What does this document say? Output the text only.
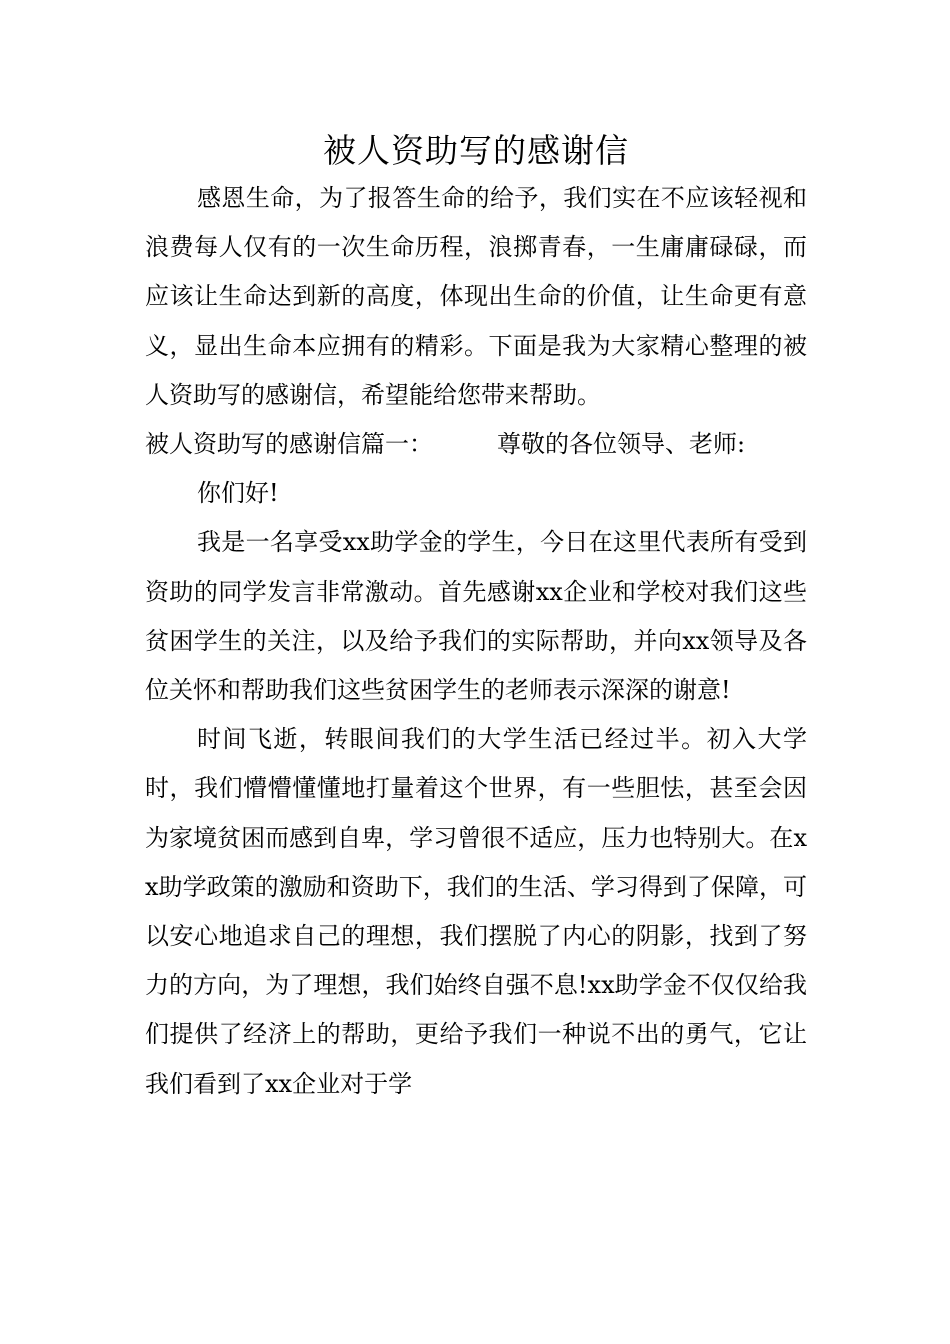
被人资助写的感谢信

感恩生命，为了报答生命的给予，我们实在不应该轻视和浪费每人仅有的一次生命历程，浪掷青春，一生庸庸碌碌，而应该让生命达到新的高度，体现出生命的价值，让生命更有意义，显出生命本应拥有的精彩。下面是我为大家精心整理的被人资助写的感谢信，希望能给您带来帮助。

被人资助写的感谢信篇一：	尊敬的各位领导、老师:

你们好!

我是一名享受xx助学金的学生，今日在这里代表所有受到资助的同学发言非常激动。首先感谢xx企业和学校对我们这些贫困学生的关注，以及给予我们的实际帮助，并向xx领导及各位关怀和帮助我们这些贫困学生的老师表示深深的谢意!

时间飞逝，转眼间我们的大学生活已经过半。初入大学时，我们懵懵懂懂地打量着这个世界，有一些胆怯，甚至会因为家境贫困而感到自卑，学习曾很不适应，压力也特别大。在xx助学政策的激励和资助下，我们的生活、学习得到了保障，可以安心地追求自己的理想，我们摆脱了内心的阴影，找到了努力的方向，为了理想，我们始终自强不息!xx助学金不仅仅给我们提供了经济上的帮助，更给予我们一种说不出的勇气，它让我们看到了xx企业对于学
